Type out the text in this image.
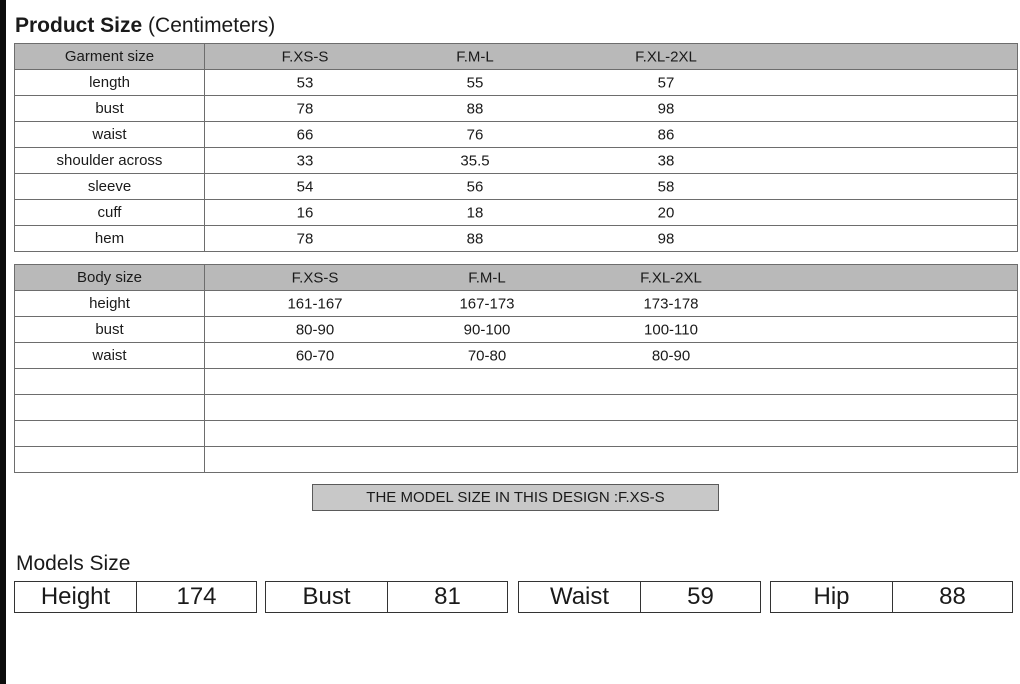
Product Size (Centimeters)
Garment size	F.XS-S F.M-L F.XL-2XL

length	53 55 57

bust	78 88 98

waist	66 76 86

shoulder across	33 35.5 38

sleeve	54 56 58

cuff	16 18 20

hem	78 88 98
Body size	F.XS-S F.M-L F.XL-2XL

height	161-167 167-173 173-178

bust	80-90 90-100 100-110

waist	60-70 70-80 80-90

THE MODEL SIZE IN THIS DESIGN :F.XS-S
Models Size
Height	174	Bust	81	Waist	59	Hip	88
